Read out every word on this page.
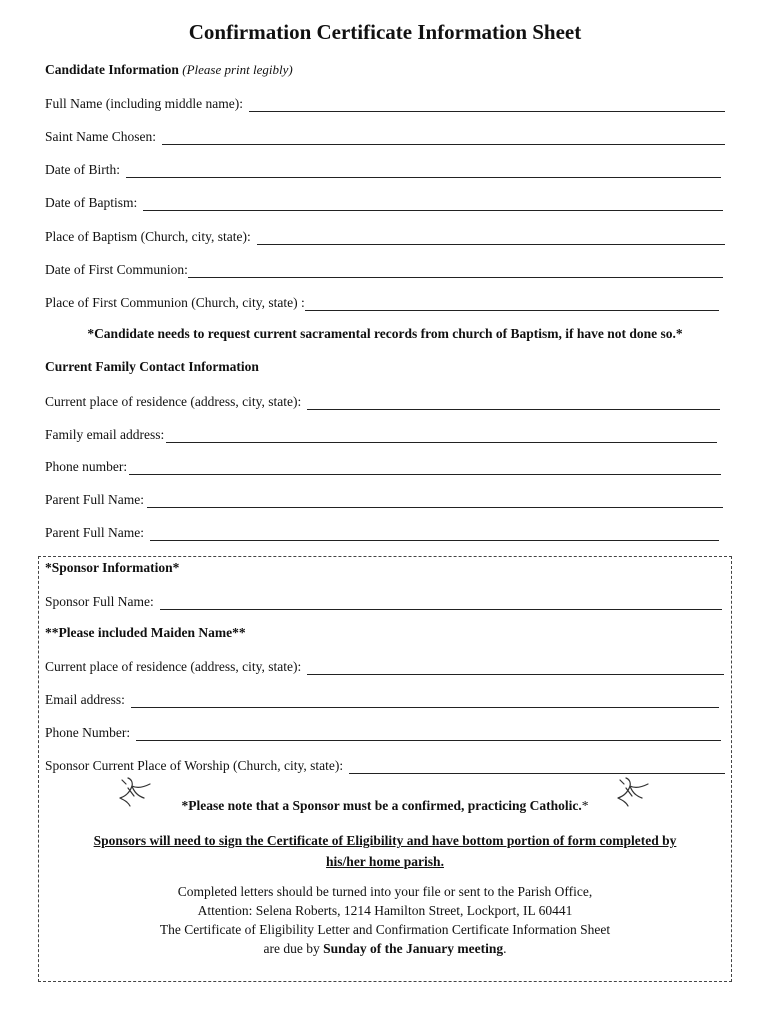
Confirmation Certificate Information Sheet
Candidate Information (Please print legibly)
Full Name (including middle name):
Saint Name Chosen:
Date of Birth:
Date of Baptism:
Place of Baptism (Church, city, state):
Date of First Communion:
Place of First Communion (Church, city, state) :
*Candidate needs to request current sacramental records from church of Baptism, if have not done so.*
Current Family Contact Information
Current place of residence (address, city, state):
Family email address:
Phone number:
Parent Full Name:
Parent Full Name:
*Sponsor Information*
Sponsor Full Name:
**Please included Maiden Name**
Current place of residence (address, city, state):
Email address:
Phone Number:
Sponsor Current Place of Worship (Church, city, state):
*Please note that a Sponsor must be a confirmed, practicing Catholic.*
Sponsors will need to sign the Certificate of Eligibility and have bottom portion of form completed by
his/her home parish.
Completed letters should be turned into your file or sent to the Parish Office,
Attention: Selena Roberts, 1214 Hamilton Street, Lockport, IL 60441
The Certificate of Eligibility Letter and Confirmation Certificate Information Sheet
are due by Sunday of the January meeting.
